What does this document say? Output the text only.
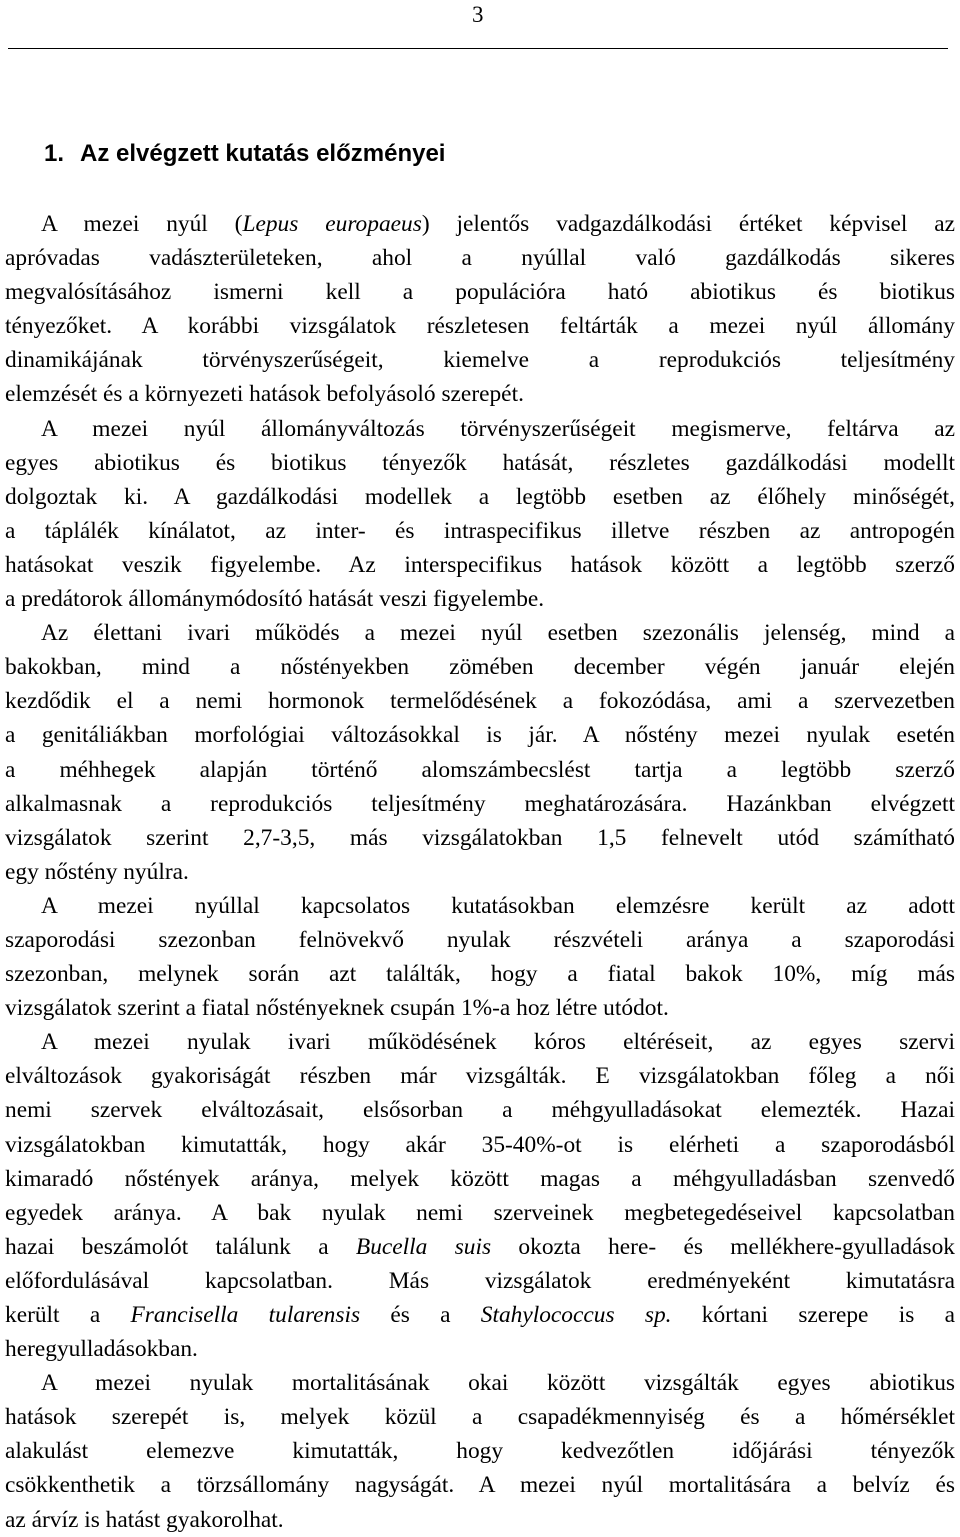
3
1. Az elvégzett kutatás előzményei
A mezei nyúl (Lepus europaeus) jelentős vadgazdálkodási értéket képvisel az
apróvadas vadászterületeken, ahol a nyúllal való gazdálkodás sikeres
megvalósításához ismerni kell a populációra ható abiotikus és biotikus
tényezőket. A korábbi vizsgálatok részletesen feltárták a mezei nyúl állomány
dinamikájának törvényszerűségeit, kiemelve a reprodukciós teljesítmény
elemzését és a környezeti hatások befolyásoló szerepét.
A mezei nyúl állományváltozás törvényszerűségeit megismerve, feltárva az
egyes abiotikus és biotikus tényezők hatását, részletes gazdálkodási modellt
dolgoztak ki. A gazdálkodási modellek a legtöbb esetben az élőhely minőségét,
a táplálék kínálatot, az inter- és intraspecifikus illetve részben az antropogén
hatásokat veszik figyelembe. Az interspecifikus hatások között a legtöbb szerző
a predátorok állománymódosító hatását veszi figyelembe.
Az élettani ivari működés a mezei nyúl esetben szezonális jelenség, mind a
bakokban, mind a nőstényekben zömében december végén január elején
kezdődik el a nemi hormonok termelődésének a fokozódása, ami a szervezetben
a genitáliákban morfológiai változásokkal is jár. A nőstény mezei nyulak esetén
a méhhegek alapján történő alomszámbecslést tartja a legtöbb szerző
alkalmasnak a reprodukciós teljesítmény meghatározására. Hazánkban elvégzett
vizsgálatok szerint 2,7-3,5, más vizsgálatokban 1,5 felnevelt utód számítható
egy nőstény nyúlra.
A mezei nyúllal kapcsolatos kutatásokban elemzésre került az adott
szaporodási szezonban felnövekvő nyulak részvételi aránya a szaporodási
szezonban, melynek során azt találták, hogy a fiatal bakok 10%, míg más
vizsgálatok szerint a fiatal nőstényeknek csupán 1%-a hoz létre utódot.
A mezei nyulak ivari működésének kóros eltéréseit, az egyes szervi
elváltozások gyakoriságát részben már vizsgálták. E vizsgálatokban főleg a női
nemi szervek elváltozásait, elsősorban a méhgyulladásokat elemezték. Hazai
vizsgálatokban kimutatták, hogy akár 35-40%-ot is elérheti a szaporodásból
kimaradó nőstények aránya, melyek között magas a méhgyulladásban szenvedő
egyedek aránya. A bak nyulak nemi szerveinek megbetegedéseivel kapcsolatban
hazai beszámolót találunk a Bucella suis okozta here- és mellékhere-gyulladások
előfordulásával kapcsolatban. Más vizsgálatok eredményeként kimutatásra
került a Francisella tularensis és a Stahylococcus sp. kórtani szerepe is a
heregyulladásokban.
A mezei nyulak mortalitásának okai között vizsgálták egyes abiotikus
hatások szerepét is, melyek közül a csapadékmennyiség és a hőmérséklet
alakulást elemezve kimutatták, hogy kedvezőtlen időjárási tényezők
csökkenthetik a törzsállomány nagyságát. A mezei nyúl mortalitására a belvíz és
az árvíz is hatást gyakorolhat.
